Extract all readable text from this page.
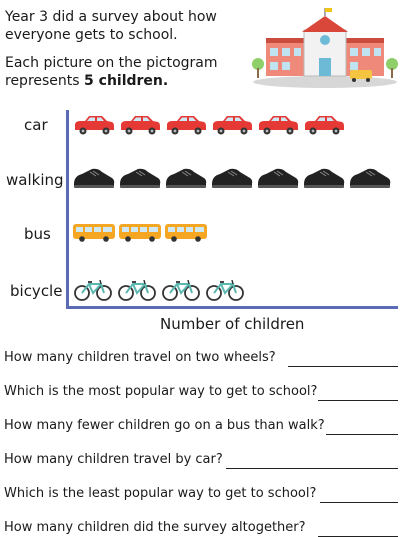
Year 3 did a survey about how everyone gets to school.

Each picture on the pictogram represents 5 children.

car
walking
bus
bicycle
Number of children
How many children travel on two wheels?
Which is the most popular way to get to school?
How many fewer children go on a bus than walk?
How many children travel by car?
Which is the least popular way to get to school?
How many children did the survey altogether?
